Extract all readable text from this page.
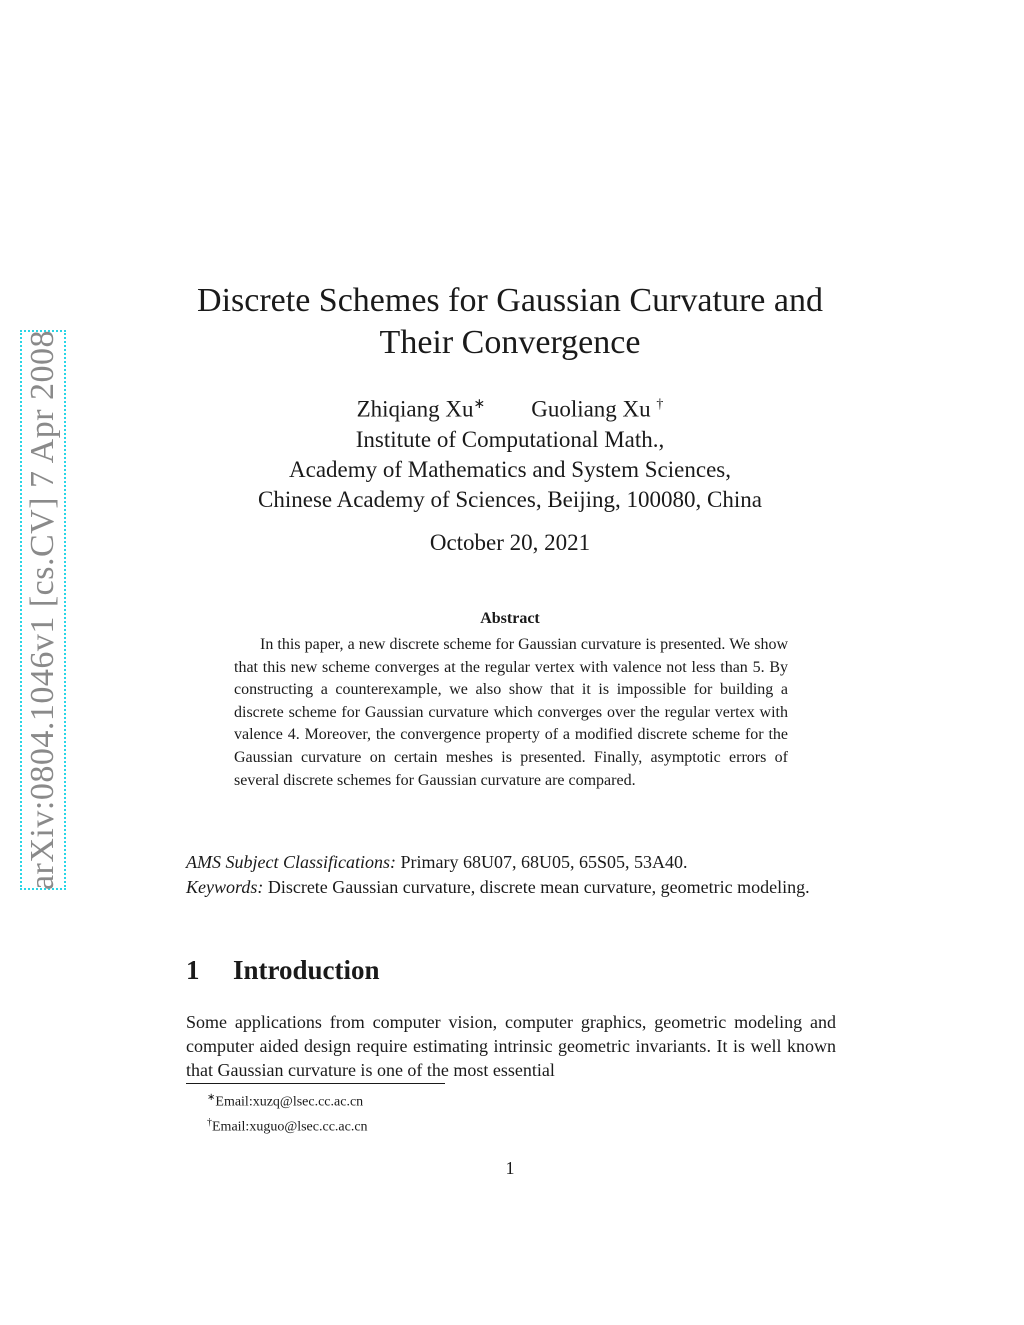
arXiv:0804.1046v1 [cs.CV] 7 Apr 2008
Discrete Schemes for Gaussian Curvature and
Their Convergence
Zhiqiang Xu∗ Guoliang Xu †
Institute of Computational Math.,
Academy of Mathematics and System Sciences,
Chinese Academy of Sciences, Beijing, 100080, China
October 20, 2021
Abstract

In this paper, a new discrete scheme for Gaussian curvature is presented. We show that this new scheme converges at the regular vertex with valence not less than 5. By constructing a counterexample, we also show that it is impossible for building a discrete scheme for Gaussian curvature which converges over the regular vertex with valence 4. Moreover, the convergence property of a modified discrete scheme for the Gaussian curvature on certain meshes is presented. Finally, asymptotic errors of several discrete schemes for Gaussian curvature are compared.

AMS Subject Classifications: Primary 68U07, 68U05, 65S05, 53A40.

Keywords: Discrete Gaussian curvature, discrete mean curvature, geometric modeling.

1 Introduction

Some applications from computer vision, computer graphics, geometric modeling and computer aided design require estimating intrinsic geometric invariants. It is well known that Gaussian curvature is one of the most essential

∗Email:xuzq@lsec.cc.ac.cn
†Email:xuguo@lsec.cc.ac.cn
1
